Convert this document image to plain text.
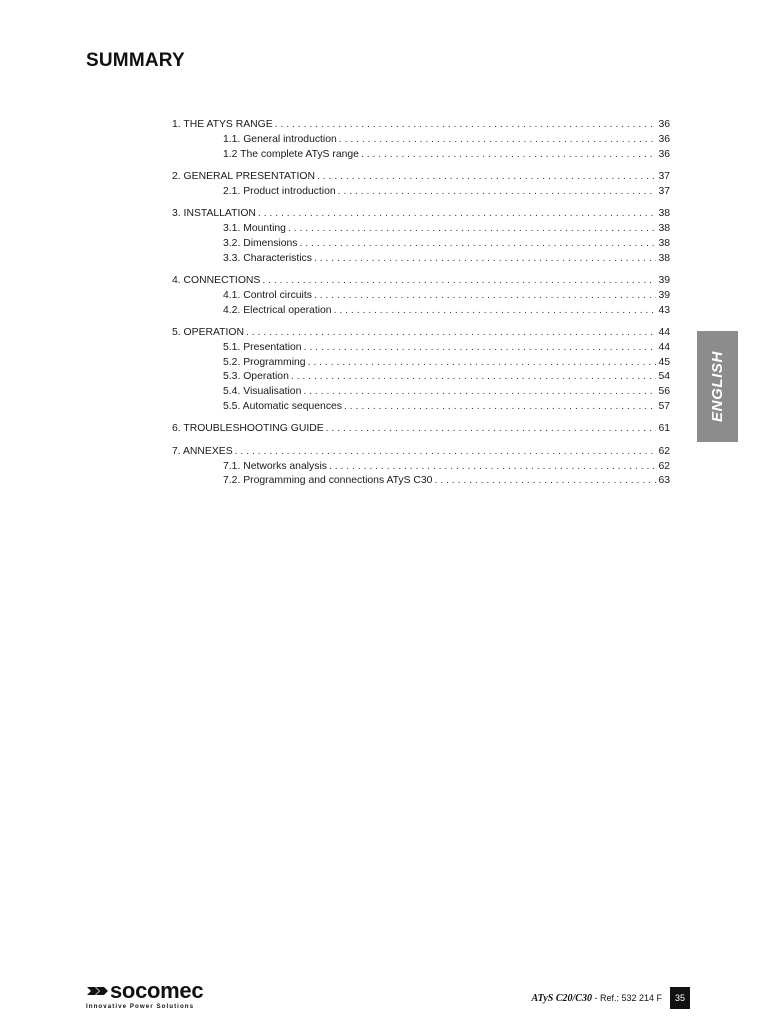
SUMMARY
1. THE ATYS RANGE . . .	36
1.1. General introduction . . .	36
1.2 The complete ATyS range . . .	36
2. GENERAL PRESENTATION . . .	37
2.1. Product introduction . . .	37
3. INSTALLATION . . .	38
3.1. Mounting . . .	38
3.2. Dimensions . . .	38
3.3. Characteristics . . .	38
4. CONNECTIONS . . .	39
4.1. Control circuits . . .	39
4.2. Electrical operation . . .	43
5. OPERATION . . .	44
5.1. Presentation . . .	44
5.2. Programming . . .	45
5.3. Operation . . .	54
5.4. Visualisation . . .	56
5.5. Automatic sequences . . .	57
6. TROUBLESHOOTING GUIDE . . .	61
7. ANNEXES . . .	62
7.1. Networks analysis . . .	62
7.2. Programming and connections ATyS C30 . . .	63
ENGLISH
socomec
Innovative Power Solutions
ATyS C20/C30 - Ref.: 532 214 F	35
